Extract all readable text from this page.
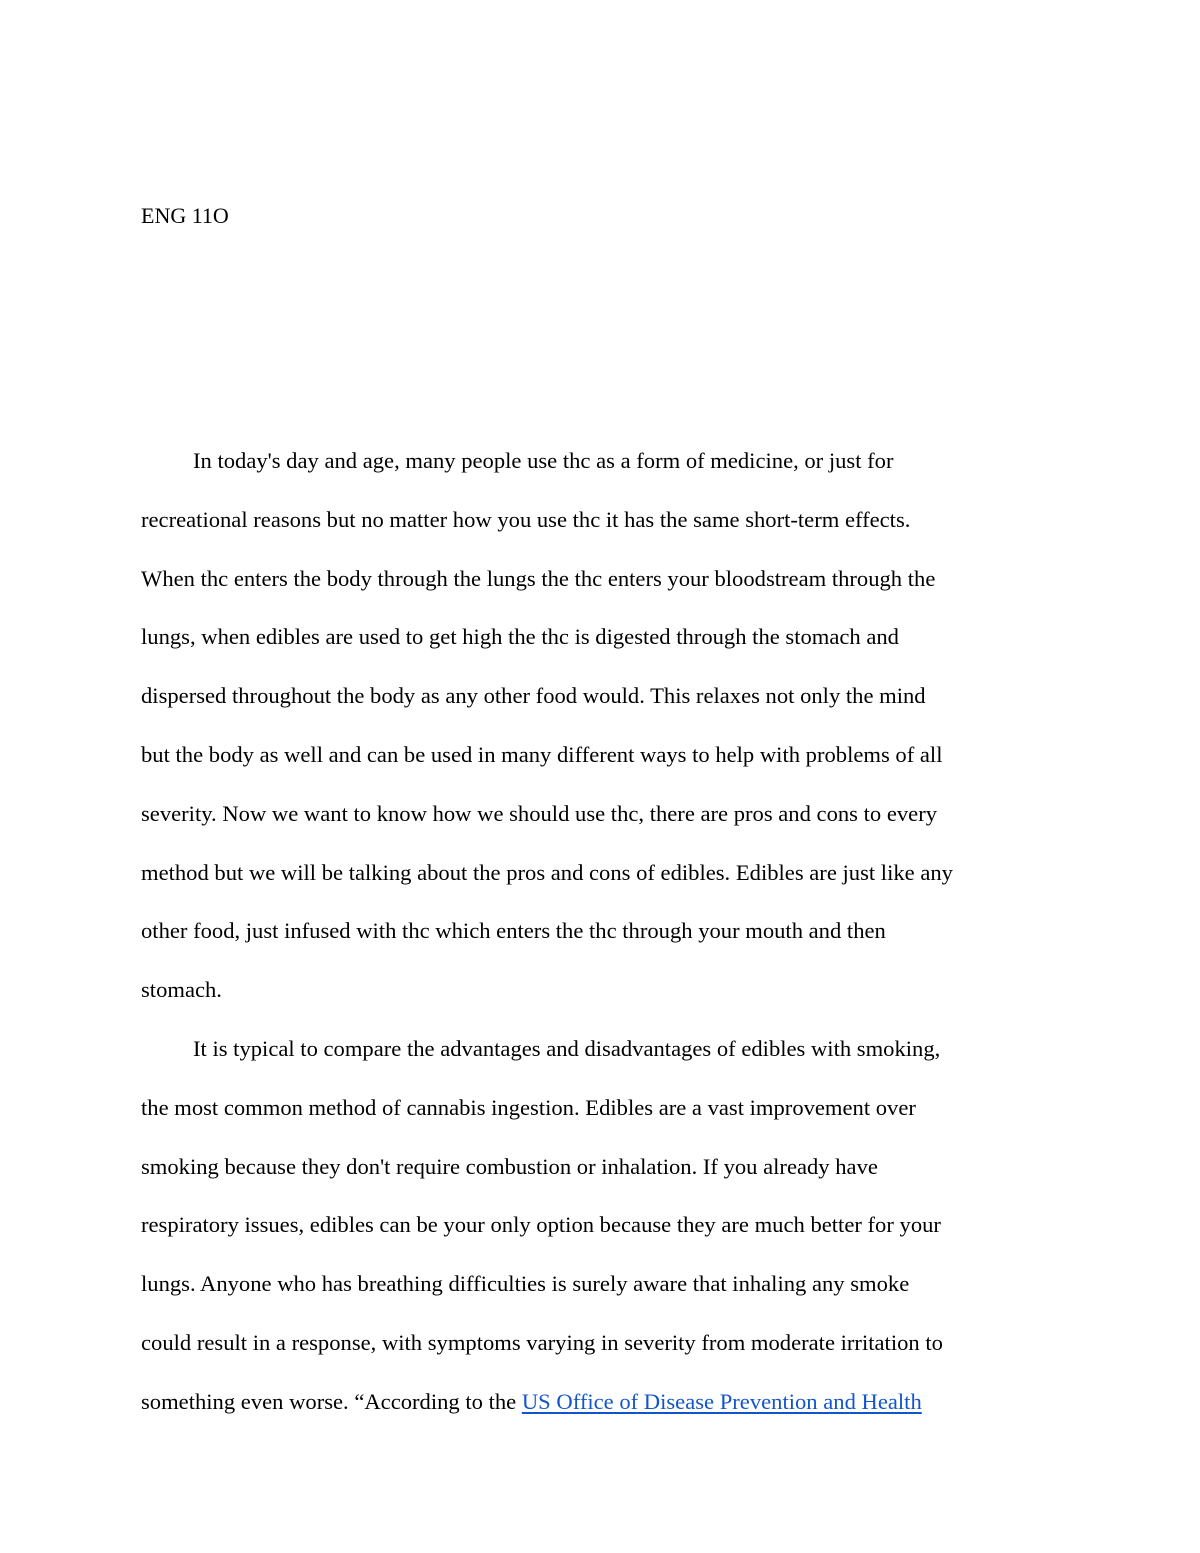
ENG 11O

In today's day and age, many people use thc as a form of medicine, or just for
recreational reasons but no matter how you use thc it has the same short-term effects.
When thc enters the body through the lungs the thc enters your bloodstream through the
lungs, when edibles are used to get high the thc is digested through the stomach and
dispersed throughout the body as any other food would. This relaxes not only the mind
but the body as well and can be used in many different ways to help with problems of all
severity. Now we want to know how we should use thc, there are pros and cons to every
method but we will be talking about the pros and cons of edibles. Edibles are just like any
other food, just infused with thc which enters the thc through your mouth and then
stomach.

It is typical to compare the advantages and disadvantages of edibles with smoking,
the most common method of cannabis ingestion. Edibles are a vast improvement over
smoking because they don't require combustion or inhalation. If you already have
respiratory issues, edibles can be your only option because they are much better for your
lungs. Anyone who has breathing difficulties is surely aware that inhaling any smoke
could result in a response, with symptoms varying in severity from moderate irritation to
something even worse. “According to the US Office of Disease Prevention and Health
